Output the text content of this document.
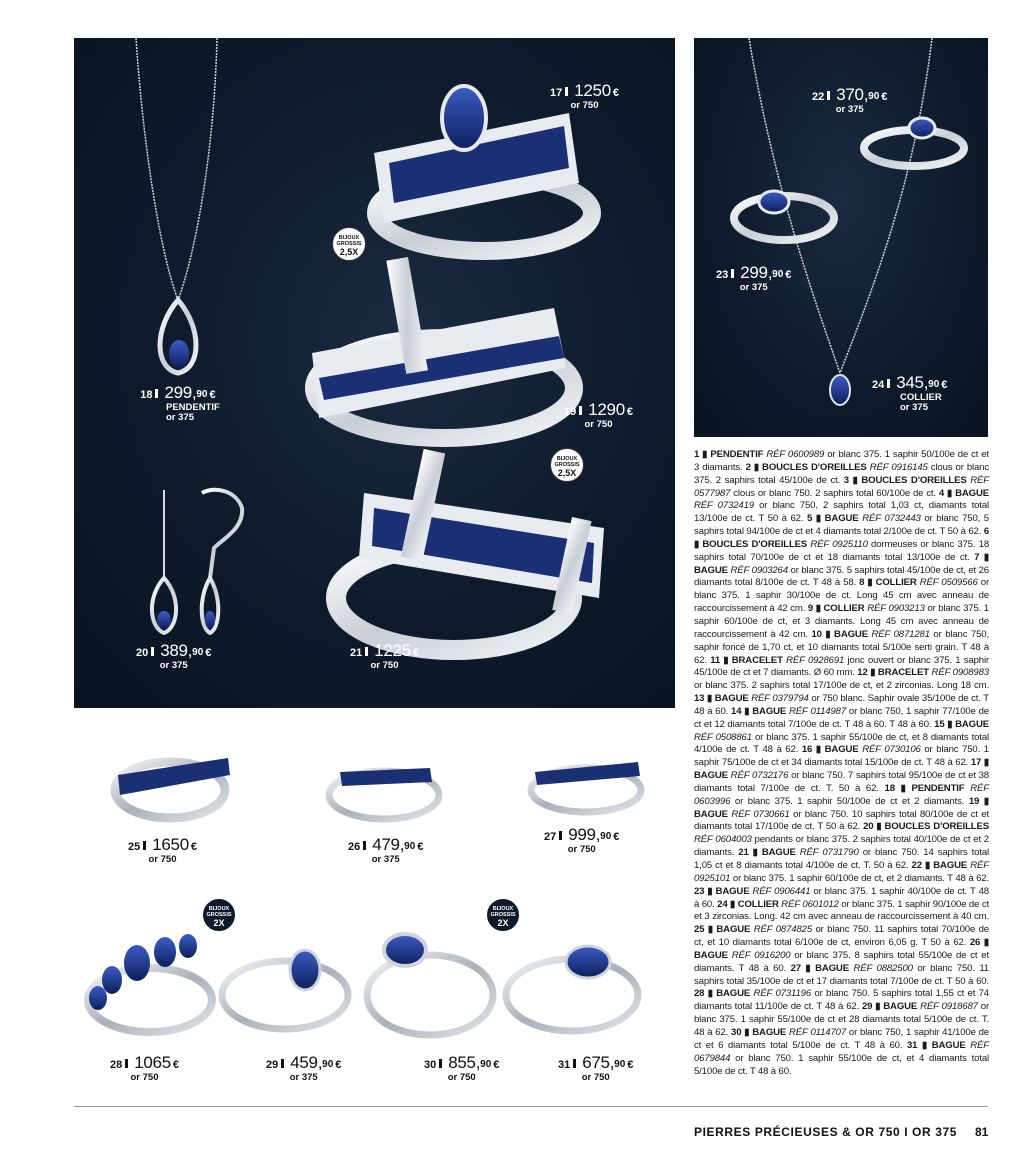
BIJOUX
GROSSIS
2,5X
BIJOUX
GROSSIS
2,5X
17 1250 €
or 750
18 299, 90 €
PENDENTIF
or 375	19 1290 €
or 750
20 389, 90 €
or 375
21 1225 €
or 750
22 370, 90 €
or 375
23 299, 90 €
or 375
24 345, 90 €
COLLIER
or 375
BIJOUX
GROSSIS
2X
BIJOUX
GROSSIS
2X
25 1650 €
or 750
26 479, 90 €
or 375
27 999, 90 €
or 750
28 1065 €
or 750
29 459, 90 €
or 375
30 855, 90 €
or 750
31 675, 90 €
or 750
1 ▮ PENDENTIF RÉF 0600989 or blanc 375. 1 saphir 50/100e de ct et 3 diamants. 2 ▮ BOUCLES D'OREILLES RÉF 0916145 clous or blanc 375. 2 saphirs total 45/100e de ct. 3 ▮ BOUCLES D'OREILLES RÉF 0577987 clous or blanc 750. 2 saphirs total 60/100e de ct. 4 ▮ BAGUE RÉF 0732419 or blanc 750, 2 saphirs total 1,03 ct, diamants total 13/100e de ct. T 50 à 62. 5 ▮ BAGUE RÉF 0732443 or blanc 750, 5 saphirs total 94/100e de ct et 4 diamants total 2/100e de ct. T 50 à 62. 6 ▮ BOUCLES D'OREILLES RÉF 0925110 dormeuses or blanc 375. 18 saphirs total 70/100e de ct et 18 diamants total 13/100e de ct. 7 ▮ BAGUE RÉF 0903264 or blanc 375. 5 saphirs total 45/100e de ct, et 26 diamants total 8/100e de ct. T 48 à 58. 8 ▮ COLLIER RÉF 0509566 or blanc 375. 1 saphir 30/100e de ct. Long 45 cm avec anneau de raccourcissement à 42 cm. 9 ▮ COLLIER RÉF 0903213 or blanc 375. 1 saphir 60/100e de ct, et 3 diamants. Long 45 cm avec anneau de raccourcissement à 42 cm. 10 ▮ BAGUE RÉF 0871281 or blanc 750, saphir foncé de 1,70 ct, et 10 diamants total 5/100e serti grain. T 48 à 62. 11 ▮ BRACELET RÉF 0928691 jonc ouvert or blanc 375. 1 saphir 45/100e de ct et 7 diamants. Ø 60 mm. 12 ▮ BRACELET RÉF 0908983 or blanc 375. 2 saphirs total 17/100e de ct, et 2 zirconias. Long 18 cm. 13 ▮ BAGUE RÉF 0379794 or 750 blanc. Saphir ovale 35/100e de ct. T 48 à 60. 14 ▮ BAGUE RÉF 0114987 or blanc 750, 1 saphir 77/100e de ct et 12 diamants total 7/100e de ct. T 48 à 60. T 48 à 60. 15 ▮ BAGUE RÉF 0508861 or blanc 375. 1 saphir 55/100e de ct, et 8 diamants total 4/100e de ct. T 48 à 62. 16 ▮ BAGUE RÉF 0730106 or blanc 750. 1 saphir 75/100e de ct et 34 diamants total 15/100e de ct. T 48 à 62. 17 ▮ BAGUE RÉF 0732176 or blanc 750. 7 saphirs total 95/100e de ct et 38 diamants total 7/100e de ct. T. 50 à 62. 18 ▮ PENDENTIF RÉF 0603996 or blanc 375. 1 saphir 50/100e de ct et 2 diamants. 19 ▮ BAGUE RÉF 0730661 or blanc 750. 10 saphirs total 80/100e de ct et diamants total 17/100e de ct. T 50 à 62. 20 ▮ BOUCLES D'OREILLES RÉF 0604003 pendants or blanc 375. 2 saphirs total 40/100e de ct et 2 diamants. 21 ▮ BAGUE RÉF 0731790 or blanc 750. 14 saphirs total 1,05 ct et 8 diamants total 4/100e de ct. T. 50 à 62. 22 ▮ BAGUE RÉF 0925101 or blanc 375. 1 saphir 60/100e de ct, et 2 diamants. T 48 à 62. 23 ▮ BAGUE RÉF 0906441 or blanc 375. 1 saphir 40/100e de ct. T 48 à 60. 24 ▮ COLLIER RÉF 0601012 or blanc 375. 1 saphir 90/100e de ct et 3 zirconias. Long. 42 cm avec anneau de raccourcissement à 40 cm. 25 ▮ BAGUE RÉF 0874825 or blanc 750. 11 saphirs total 70/100e de ct, et 10 diamants total 6/100e de ct, environ 6,05 g. T 50 à 62. 26 ▮ BAGUE RÉF 0916200 or blanc 375. 8 saphirs total 55/100e de ct et diamants. T 48 à 60. 27 ▮ BAGUE RÉF 0882500 or blanc 750. 11 saphirs total 35/100e de ct et 17 diamants total 7/100e de ct. T 50 à 60. 28 ▮ BAGUE RÉF 0731196 or blanc 750. 5 saphirs total 1,55 ct et 74 diamants total 11/100e de ct. T 48 à 62. 29 ▮ BAGUE RÉF 0918687 or blanc 375. 1 saphir 55/100e de ct et 28 diamants total 5/100e de ct. T. 48 à 62. 30 ▮ BAGUE RÉF 0114707 or blanc 750, 1 saphir 41/100e de ct et 6 diamants total 5/100e de ct. T 48 à 60. 31 ▮ BAGUE RÉF 0679844 or blanc 750. 1 saphir 55/100e de ct, et 4 diamants total 5/100e de ct. T 48 à 60.
PIERRES PRÉCIEUSES & OR 750 I OR 375 81
